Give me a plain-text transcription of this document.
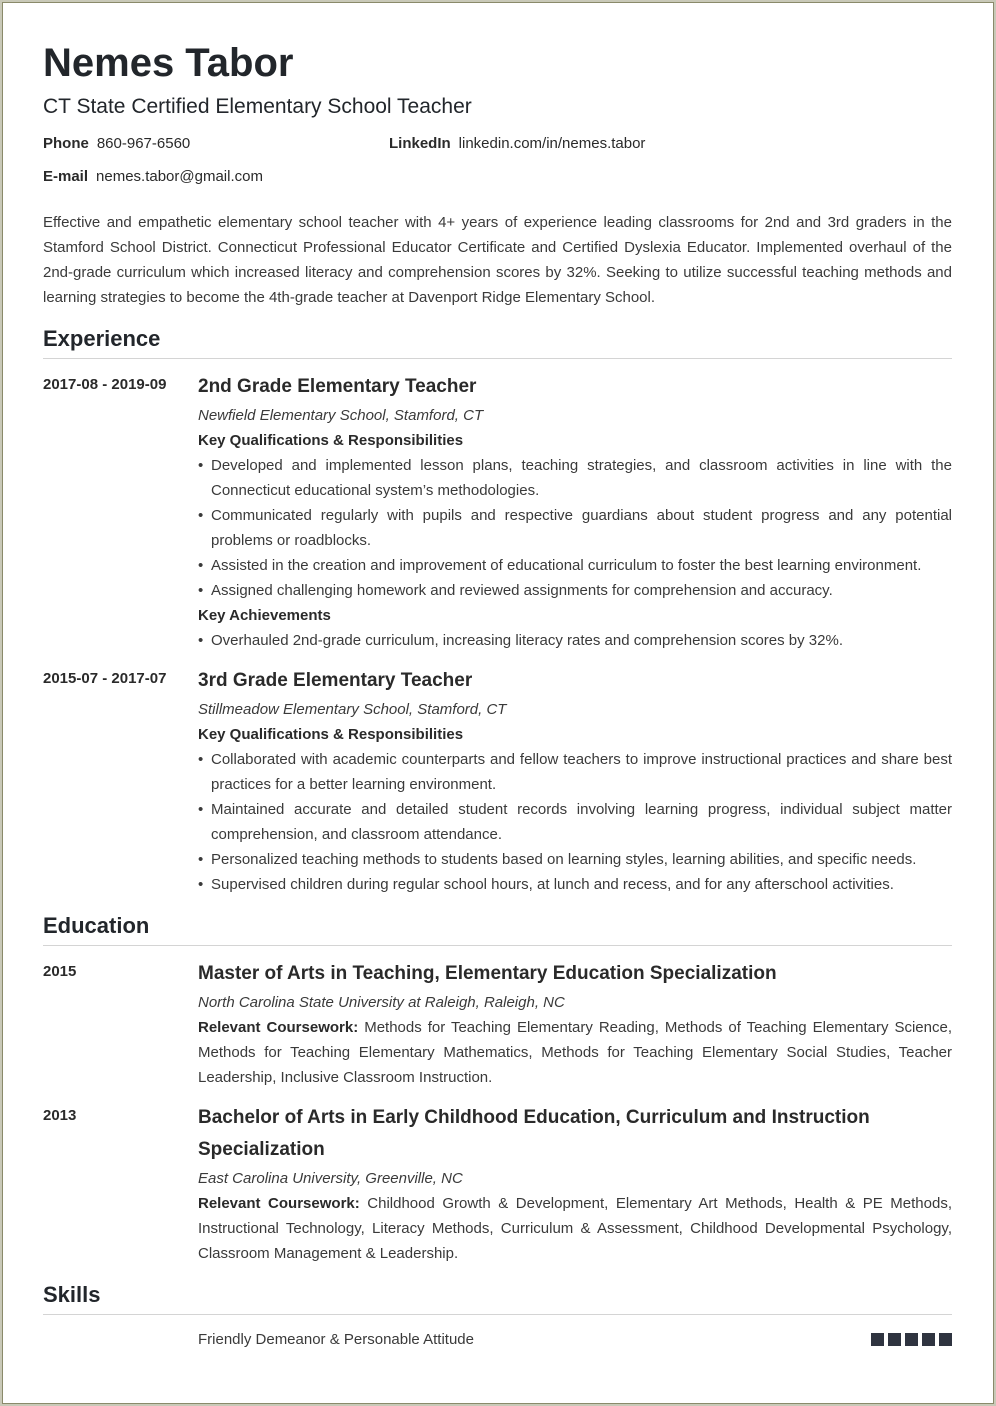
Nemes Tabor
CT State Certified Elementary School Teacher
Phone 860-967-6560	LinkedIn linkedin.com/in/nemes.tabor
E-mail nemes.tabor@gmail.com
Effective and empathetic elementary school teacher with 4+ years of experience leading classrooms for 2nd and 3rd graders in the Stamford School District. Connecticut Professional Educator Certificate and Certified Dyslexia Educator. Implemented overhaul of the 2nd-grade curriculum which increased literacy and comprehension scores by 32%. Seeking to utilize successful teaching methods and learning strategies to become the 4th-grade teacher at Davenport Ridge Elementary School.
Experience
2017-08 - 2019-09 2nd Grade Elementary Teacher
Newfield Elementary School, Stamford, CT
Key Qualifications & Responsibilities
• Developed and implemented lesson plans, teaching strategies, and classroom activities in line with the Connecticut educational system’s methodologies.
• Communicated regularly with pupils and respective guardians about student progress and any potential problems or roadblocks.
• Assisted in the creation and improvement of educational curriculum to foster the best learning environment.
• Assigned challenging homework and reviewed assignments for comprehension and accuracy.
Key Achievements
• Overhauled 2nd-grade curriculum, increasing literacy rates and comprehension scores by 32%.
2015-07 - 2017-07 3rd Grade Elementary Teacher
Stillmeadow Elementary School, Stamford, CT
Key Qualifications & Responsibilities
• Collaborated with academic counterparts and fellow teachers to improve instructional practices and share best practices for a better learning environment.
• Maintained accurate and detailed student records involving learning progress, individual subject matter comprehension, and classroom attendance.
• Personalized teaching methods to students based on learning styles, learning abilities, and specific needs.
• Supervised children during regular school hours, at lunch and recess, and for any afterschool activities.
Education
2015	Master of Arts in Teaching, Elementary Education Specialization
North Carolina State University at Raleigh, Raleigh, NC
Relevant Coursework: Methods for Teaching Elementary Reading, Methods of Teaching Elementary Science, Methods for Teaching Elementary Mathematics, Methods for Teaching Elementary Social Studies, Teacher Leadership, Inclusive Classroom Instruction.
2013	Bachelor of Arts in Early Childhood Education, Curriculum and Instruction Specialization
East Carolina University, Greenville, NC
Relevant Coursework: Childhood Growth & Development, Elementary Art Methods, Health & PE Methods, Instructional Technology, Literacy Methods, Curriculum & Assessment, Childhood Developmental Psychology, Classroom Management & Leadership.
Skills
Friendly Demeanor & Personable Attitude
